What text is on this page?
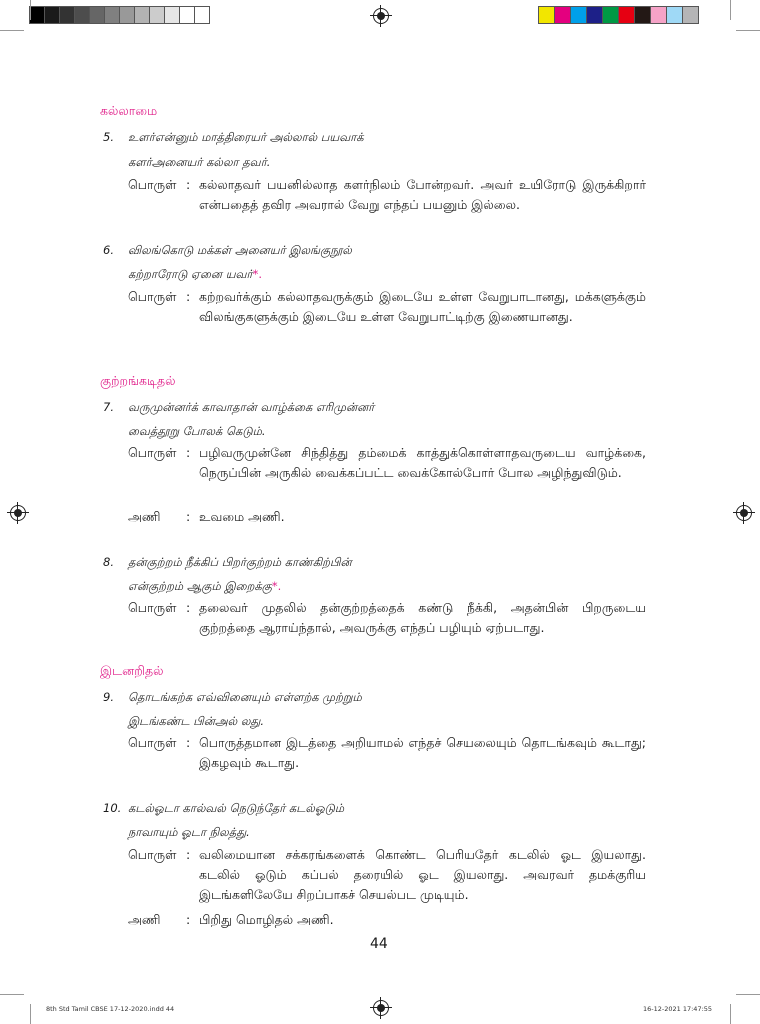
கல்லாமை
5. உளர்என்னும் மாத்திரையர் அல்லால் பயவாக்
களர்அனையர் கல்லா தவர்.
பொருள் : கல்லாதவர் பயனில்லாத களர்நிலம் போன்றவர். அவர் உயிரோடு இருக்கிறார் என்பதைத் தவிர அவரால் வேறு எந்தப் பயனும் இல்லை.
6. விலங்கொடு மக்கள் அனையர் இலங்குநூல்
கற்றாரோடு ஏனை யவர்*.
பொருள் : கற்றவர்க்கும் கல்லாதவருக்கும் இடையே உள்ள வேறுபாடானது, மக்களுக்கும் விலங்குகளுக்கும் இடையே உள்ள வேறுபாட்டிற்கு இணையானது.
குற்றங்கடிதல்
7. வருமுன்னர்க் காவாதான் வாழ்க்கை எரிமுன்னர்
வைத்தூறு போலக் கெடும்.
பொருள் : பழிவருமுன்னே சிந்தித்து தம்மைக் காத்துக்கொள்ளாதவருடைய வாழ்க்கை, நெருப்பின் அருகில் வைக்கப்பட்ட வைக்கோல்போர் போல அழிந்துவிடும்.
அணி	: உவமை அணி.
8. தன்குற்றம் நீக்கிப் பிறர்குற்றம் காண்கிற்பின்
என்குற்றம் ஆகும் இறைக்கு*.
பொருள் : தலைவர் முதலில் தன்குற்றத்தைக் கண்டு நீக்கி, அதன்பின் பிறருடைய குற்றத்தை ஆராய்ந்தால், அவருக்கு எந்தப் பழியும் ஏற்படாது.
இடனறிதல்
9. தொடங்கற்க எவ்வினையும் எள்ளற்க முற்றும்
இடங்கண்ட பின்அல் லது.
பொருள் : பொருத்தமான இடத்தை அறியாமல் எந்தச் செயலையும் தொடங்கவும் கூடாது; இகழவும் கூடாது.
10. கடல்ஓடா கால்வல் நெடுந்தேர் கடல்ஓடும்
நாவாயும் ஓடா நிலத்து.
பொருள் : வலிமையான சக்கரங்களைக் கொண்ட பெரியதேர் கடலில் ஓட இயலாது. கடலில் ஓடும் கப்பல் தரையில் ஓட இயலாது. அவரவர் தமக்குரிய இடங்களிலேயே சிறப்பாகச் செயல்பட முடியும்.
அணி	: பிறிது மொழிதல் அணி.
44
8th Std Tamil CBSE 17-12-2020.indd 44	16-12-2021 17:47:55
